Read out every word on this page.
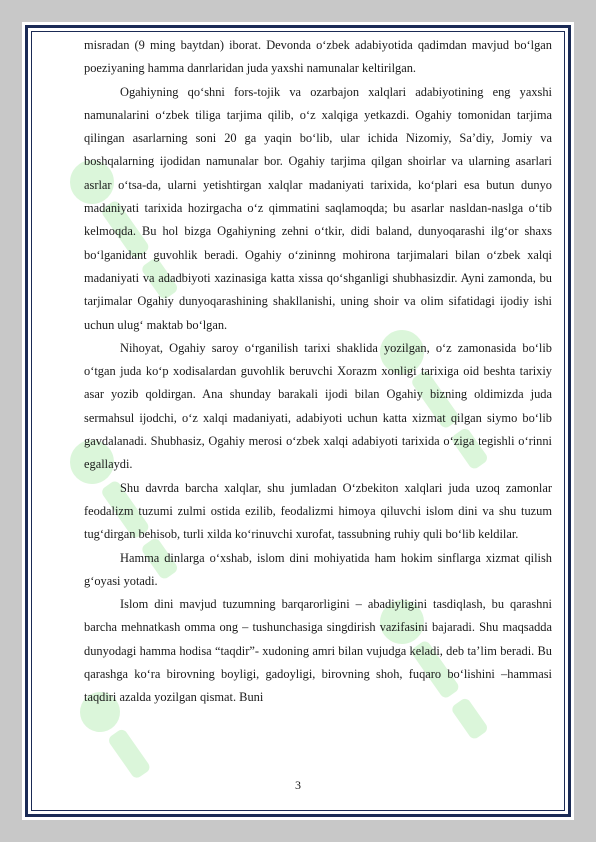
misradan (9 ming baytdan) iborat. Devonda o‘zbek adabiyotida qadimdan mavjud bo‘lgan poeziyaning hamma danrlaridan juda yaxshi namunalar keltirilgan.

Ogahiyning qo‘shni fors-tojik va ozarbajon xalqlari adabiyotining eng yaxshi namunalarini o‘zbek tiliga tarjima qilib, o‘z xalqiga yetkazdi. Ogahiy tomonidan tarjima qilingan asarlarning soni 20 ga yaqin bo‘lib, ular ichida Nizomiy, Sa’diy, Jomiy va boshqalarning ijodidan namunalar bor. Ogahiy tarjima qilgan shoirlar va ularning asarlari asrlar o‘tsa-da, ularni yetishtirgan xalqlar madaniyati tarixida, ko‘plari esa butun dunyo madaniyati tarixida hozirgacha o‘z qimmatini saqlamoqda; bu asarlar nasldan-naslga o‘tib kelmoqda. Bu hol bizga Ogahiyning zehni o‘tkir, didi baland, dunyoqarashi ilg‘or shaxs bo‘lganidant guvohlik beradi. Ogahiy o‘zininng mohirona tarjimalari bilan o‘zbek xalqi madaniyati va adadbiyoti xazinasiga katta xissa qo‘shganligi shubhasizdir. Ayni zamonda, bu tarjimalar Ogahiy dunyoqarashining shakllanishi, uning shoir va olim sifatidagi ijodiy ishi uchun ulug‘ maktab bo‘lgan.

Nihoyat, Ogahiy saroy o‘rganilish tarixi shaklida yozilgan, o‘z zamonasida bo‘lib o‘tgan juda ko‘p xodisalardan guvohlik beruvchi Xorazm xonligi tarixiga oid beshta tarixiy asar yozib qoldirgan. Ana shunday barakali ijodi bilan Ogahiy bizning oldimizda juda sermahsul ijodchi, o‘z xalqi madaniyati, adabiyoti uchun katta xizmat qilgan siymo bo‘lib gavdalanadi. Shubhasiz, Ogahiy merosi o‘zbek xalqi adabiyoti tarixida o‘ziga tegishli o‘rinni egallaydi.

Shu davrda barcha xalqlar, shu jumladan O‘zbekiton xalqlari juda uzoq zamonlar feodalizm tuzumi zulmi ostida ezilib, feodalizmi himoya qiluvchi islom dini va shu tuzum tug‘dirgan behisob, turli xilda ko‘rinuvchi xurofat, tassubning ruhiy quli bo‘lib keldilar.

Hamma dinlarga o‘xshab, islom dini mohiyatida ham hokim sinflarga xizmat qilish g‘oyasi yotadi.

Islom dini mavjud tuzumning barqarorligini – abadiyligini tasdiqlash, bu qarashni barcha mehnatkash omma ong – tushunchasiga singdirish vazifasini bajaradi. Shu maqsadda dunyodagi hamma hodisa “taqdir”- xudoning amri bilan vujudga keladi, deb ta’lim beradi. Bu qarashga ko‘ra birovning boyligi, gadoyligi, birovning shoh, fuqaro bo‘lishini –hammasi taqdiri azalda yozilgan qismat. Buni

3
